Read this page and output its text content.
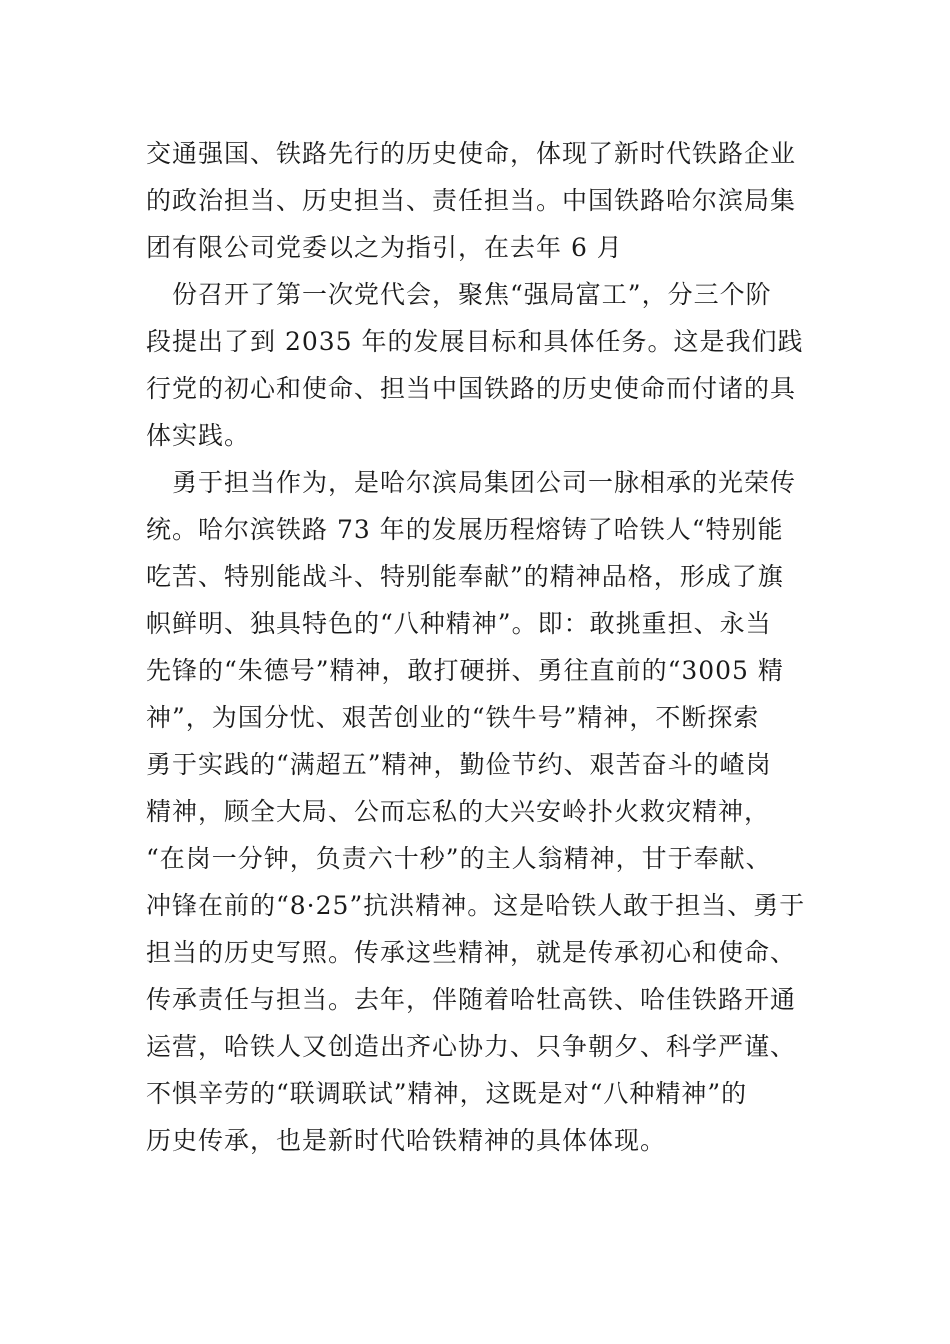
交通强国、铁路先行的历史使命，体现了新时代铁路企业
的政治担当、历史担当、责任担当。中国铁路哈尔滨局集
团有限公司党委以之为指引，在去年 6 月
　份召开了第一次党代会，聚焦“强局富工”，分三个阶
段提出了到 2035 年的发展目标和具体任务。这是我们践
行党的初心和使命、担当中国铁路的历史使命而付诸的具
体实践。
　勇于担当作为，是哈尔滨局集团公司一脉相承的光荣传
统。哈尔滨铁路 73 年的发展历程熔铸了哈铁人“特别能
吃苦、特别能战斗、特别能奉献”的精神品格，形成了旗
帜鲜明、独具特色的“八种精神”。即：敢挑重担、永当
先锋的“朱德号”精神，敢打硬拼、勇往直前的“3005 精
神”，为国分忧、艰苦创业的“铁牛号”精神，不断探索
勇于实践的“满超五”精神，勤俭节约、艰苦奋斗的嵖岗
精神，顾全大局、公而忘私的大兴安岭扑火救灾精神，
“在岗一分钟，负责六十秒”的主人翁精神，甘于奉献、
冲锋在前的“8·25”抗洪精神。这是哈铁人敢于担当、勇于
担当的历史写照。传承这些精神，就是传承初心和使命、
传承责任与担当。去年，伴随着哈牡高铁、哈佳铁路开通
运营，哈铁人又创造出齐心协力、只争朝夕、科学严谨、
不惧辛劳的“联调联试”精神，这既是对“八种精神”的
历史传承，也是新时代哈铁精神的具体体现。
